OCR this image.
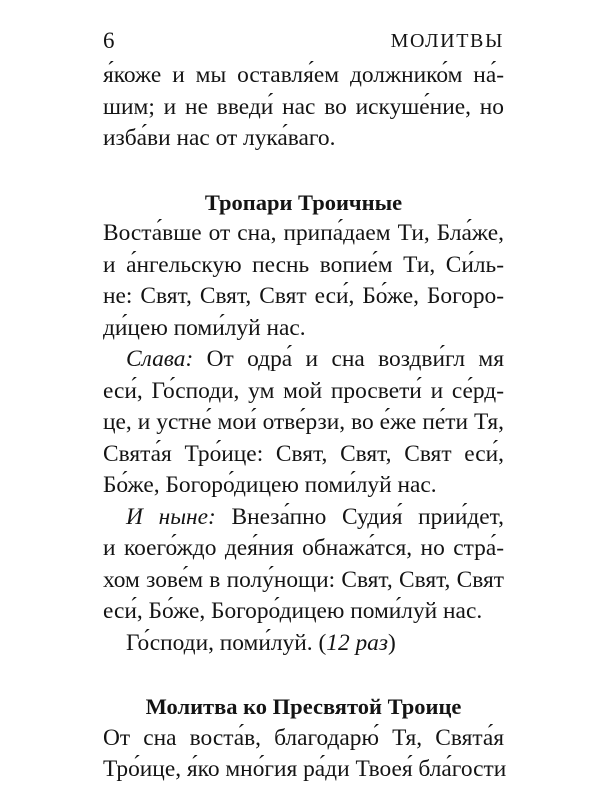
6	МОЛИТВЫ
я́коже и мы оставля́ем должнико́м на́-
шим; и не введи́ нас во искуше́ние, но
изба́ви нас от лука́ваго.
Тропари Троичные
Воста́вше от сна, припа́даем Ти, Бла́же,
и а́нгельскую песнь вопие́м Ти, Си́ль-
не: Свят, Свят, Свят еси́, Бо́же, Богоро-
ди́цею поми́луй нас.
Слава: От одра́ и сна воздви́гл мя
еси́, Го́споди, ум мой просвети́ и се́рд-
це, и устне́ мои́ отве́рзи, во е́же пе́ти Тя,
Свята́я Тро́ице: Свят, Свят, Свят еси́,
Бо́же, Богоро́дицею поми́луй нас.
И ныне: Внеза́пно Судия́ прии́дет,
и коего́ждо дея́ния обнажа́тся, но стра́-
хом зове́м в полу́нощи: Свят, Свят, Свят
еси́, Бо́же, Богоро́дицею поми́луй нас.
Го́споди, поми́луй. (12 раз)
Молитва ко Пресвятой Троице
От сна воста́в, благодарю́ Тя, Свята́я
Тро́ице, я́ко мно́гия ра́ди Твоея́ бла́гости
